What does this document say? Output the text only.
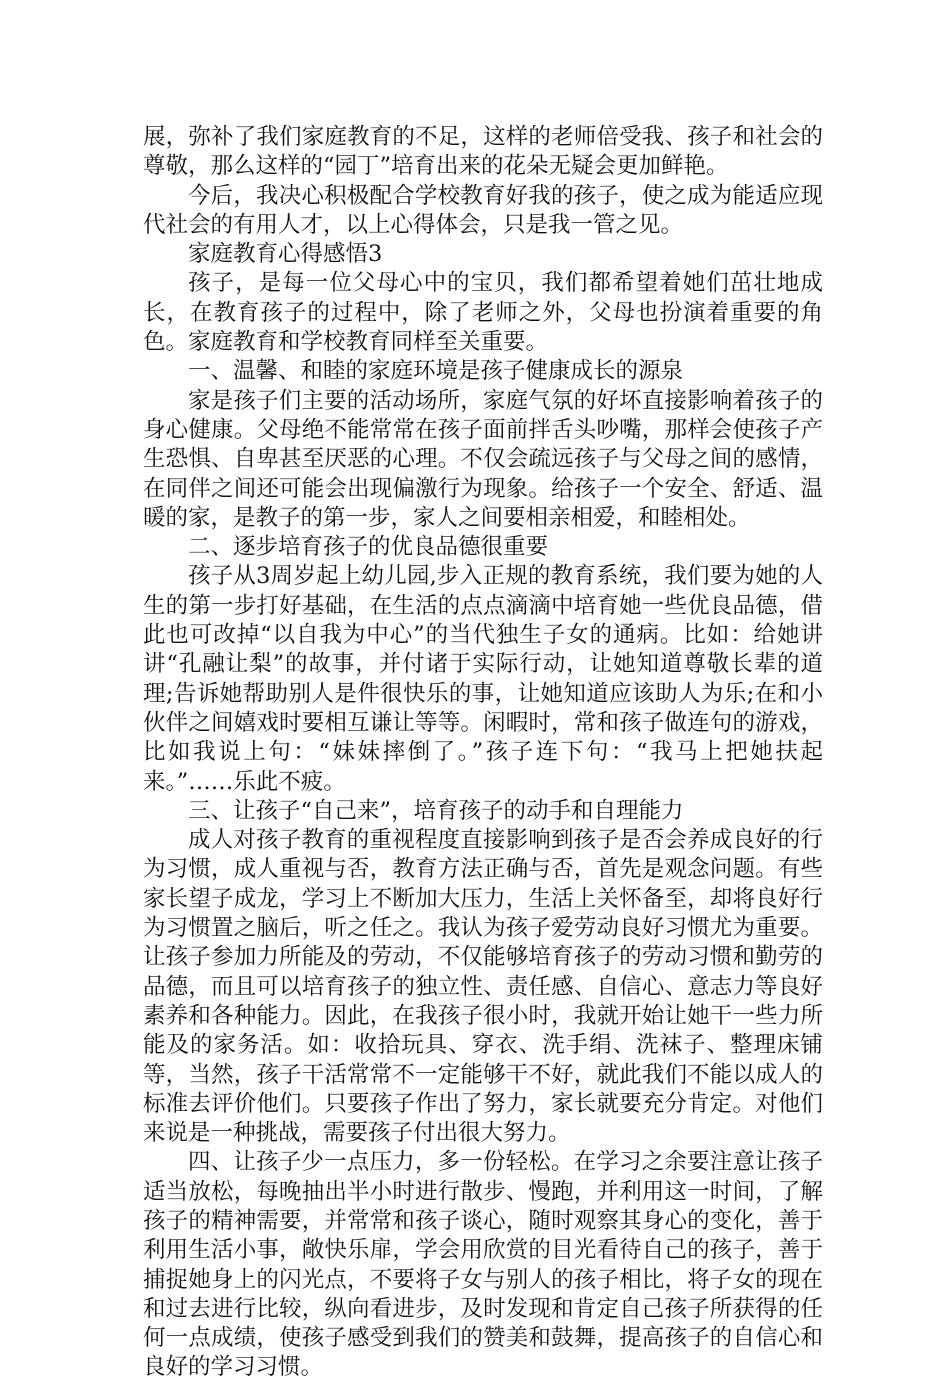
展，弥补了我们家庭教育的不足，这样的老师倍受我、孩子和社会的尊敬，那么这样的“园丁”培育出来的花朵无疑会更加鲜艳。

今后，我决心积极配合学校教育好我的孩子，使之成为能适应现代社会的有用人才，以上心得体会，只是我一管之见。

家庭教育心得感悟3

孩子，是每一位父母心中的宝贝，我们都希望着她们茁壮地成长，在教育孩子的过程中，除了老师之外，父母也扮演着重要的角色。家庭教育和学校教育同样至关重要。

一、温馨、和睦的家庭环境是孩子健康成长的源泉

家是孩子们主要的活动场所，家庭气氛的好坏直接影响着孩子的身心健康。父母绝不能常常在孩子面前拌舌头吵嘴，那样会使孩子产生恐惧、自卑甚至厌恶的心理。不仅会疏远孩子与父母之间的感情，在同伴之间还可能会出现偏激行为现象。给孩子一个安全、舒适、温暖的家，是教子的第一步，家人之间要相亲相爱，和睦相处。

二、逐步培育孩子的优良品德很重要

孩子从3周岁起上幼儿园,步入正规的教育系统，我们要为她的人生的第一步打好基础，在生活的点点滴滴中培育她一些优良品德，借此也可改掉“以自我为中心”的当代独生子女的通病。比如：给她讲讲“孔融让梨”的故事，并付诸于实际行动，让她知道尊敬长辈的道理;告诉她帮助别人是件很快乐的事，让她知道应该助人为乐;在和小伙伴之间嬉戏时要相互谦让等等。闲暇时，常和孩子做连句的游戏，比如我说上句：“妹妹摔倒了。”孩子连下句：“我马上把她扶起来。”……乐此不疲。

三、让孩子“自己来”，培育孩子的动手和自理能力

成人对孩子教育的重视程度直接影响到孩子是否会养成良好的行为习惯，成人重视与否，教育方法正确与否，首先是观念问题。有些家长望子成龙，学习上不断加大压力，生活上关怀备至，却将良好行为习惯置之脑后，听之任之。我认为孩子爱劳动良好习惯尤为重要。让孩子参加力所能及的劳动，不仅能够培育孩子的劳动习惯和勤劳的品德，而且可以培育孩子的独立性、责任感、自信心、意志力等良好素养和各种能力。因此，在我孩子很小时，我就开始让她干一些力所能及的家务活。如：收拾玩具、穿衣、洗手绢、洗袜子、整理床铺等，当然，孩子干活常常不一定能够干不好，就此我们不能以成人的标准去评价他们。只要孩子作出了努力，家长就要充分肯定。对他们来说是一种挑战，需要孩子付出很大努力。

四、让孩子少一点压力，多一份轻松。在学习之余要注意让孩子适当放松，每晚抽出半小时进行散步、慢跑，并利用这一时间，了解孩子的精神需要，并常常和孩子谈心，随时观察其身心的变化，善于利用生活小事，敞快乐扉，学会用欣赏的目光看待自己的孩子，善于捕捉她身上的闪光点，不要将子女与别人的孩子相比，将子女的现在和过去进行比较，纵向看进步，及时发现和肯定自己孩子所获得的任何一点成绩，使孩子感受到我们的赞美和鼓舞，提高孩子的自信心和良好的学习习惯。
